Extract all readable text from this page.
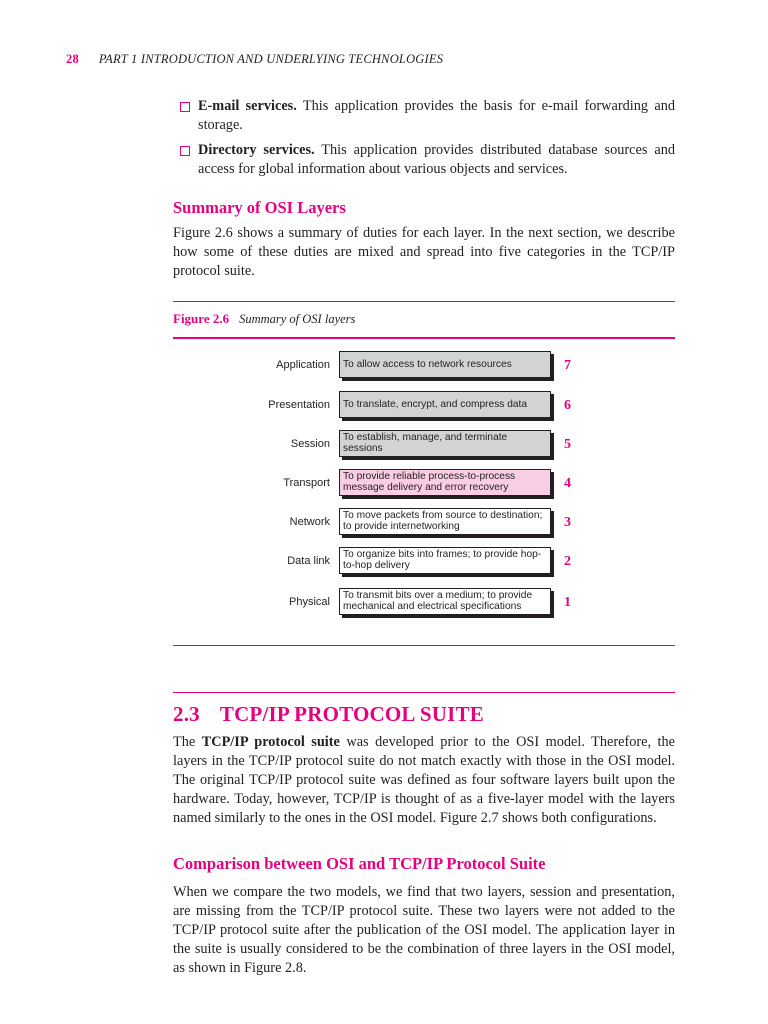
28 PART 1 INTRODUCTION AND UNDERLYING TECHNOLOGIES

E-mail services. This application provides the basis for e-mail forwarding and storage.

Directory services. This application provides distributed database sources and access for global information about various objects and services.

Summary of OSI Layers

Figure 2.6 shows a summary of duties for each layer. In the next section, we describe how some of these duties are mixed and spread into five categories in the TCP/IP protocol suite.

Figure 2.6 Summary of OSI layers
Application To allow access to network resources	7
Presentation To translate, encrypt, and compress data	6
Session To establish, manage, and terminate sessions	5
Transport To provide reliable process-to-process message delivery and error recovery	4
Network To move packets from source to destination; to provide internetworking	3
Data link To organize bits into frames; to provide hop-to-hop delivery	2
Physical To transmit bits over a medium; to provide mechanical and electrical specifications	1
2.3 TCP/IP PROTOCOL SUITE

The TCP/IP protocol suite was developed prior to the OSI model. Therefore, the layers in the TCP/IP protocol suite do not match exactly with those in the OSI model. The original TCP/IP protocol suite was defined as four software layers built upon the hardware. Today, however, TCP/IP is thought of as a five-layer model with the layers named similarly to the ones in the OSI model. Figure 2.7 shows both configurations.

Comparison between OSI and TCP/IP Protocol Suite

When we compare the two models, we find that two layers, session and presentation, are missing from the TCP/IP protocol suite. These two layers were not added to the TCP/IP protocol suite after the publication of the OSI model. The application layer in the suite is usually considered to be the combination of three layers in the OSI model, as shown in Figure 2.8.
